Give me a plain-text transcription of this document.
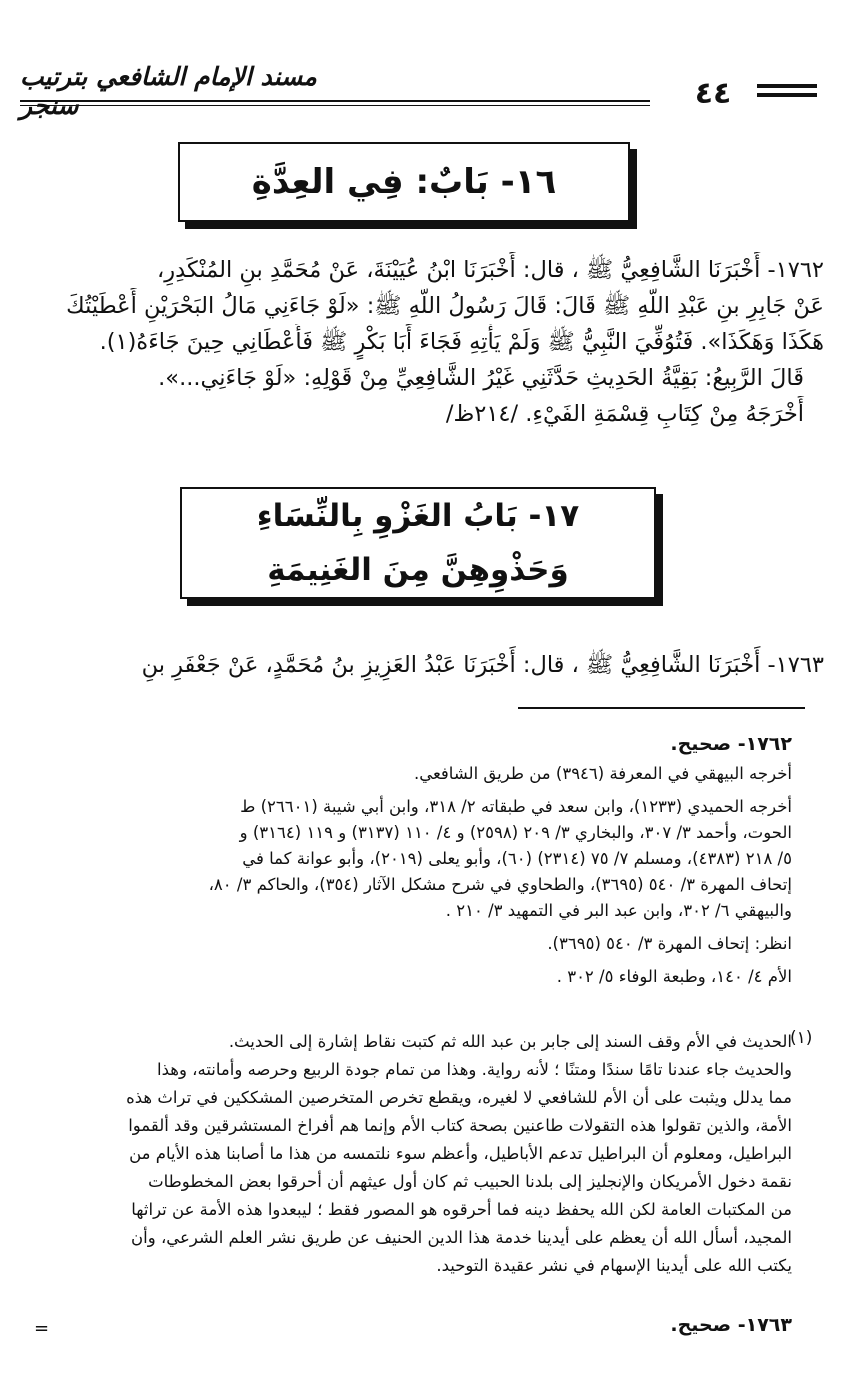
مسند الإمام الشافعي بترتيب سنجر	٤٤
١٦- بَابٌ: فِي العِدَّةِ

١٧٦٢- أَخْبَرَنَا الشَّافِعِيُّ ﷺ ، قال: أَخْبَرَنَا ابْنُ عُيَيْنَةَ، عَنْ مُحَمَّدِ بنِ المُنْكَدِرِ،

عَنْ جَابِرِ بنِ عَبْدِ اللَّهِ ﷺ قَالَ: قَالَ رَسُولُ اللَّهِ ﷺ: «لَوْ جَاءَنِي مَالُ البَحْرَيْنِ أَعْطَيْتُكَ

هَكَذَا وَهَكَذَا». فَتُوُفِّيَ النَّبِيُّ ﷺ وَلَمْ يَأْتِهِ فَجَاءَ أَبَا بَكْرٍ ﷺ فَأَعْطَانِي حِينَ جَاءَهُ(١).

قَالَ الرَّبِيعُ: بَقِيَّةُ الحَدِيثِ حَدَّثَنِي غَيْرُ الشَّافِعِيِّ مِنْ قَوْلِهِ: «لَوْ جَاءَنِي...».

أَخْرَجَهُ مِنْ كِتَابِ قِسْمَةِ الفَيْءِ. /٢١٤ظ/

١٧- بَابُ الغَزْوِ بِالنِّسَاءِ وَحَذْوِهِنَّ مِنَ الغَنِيمَةِ

١٧٦٣- أَخْبَرَنَا الشَّافِعِيُّ ﷺ ، قال: أَخْبَرَنَا عَبْدُ العَزِيزِ بنُ مُحَمَّدٍ، عَنْ جَعْفَرِ بنِ

١٧٦٢- صحيح.

أخرجه البيهقي في المعرفة (٣٩٤٦) من طريق الشافعي.

أخرجه الحميدي (١٢٣٣)، وابن سعد في طبقاته ٢/ ٣١٨، وابن أبي شيبة (٢٦٦٠١) ط

الحوت، وأحمد ٣/ ٣٠٧، والبخاري ٣/ ٢٠٩ (٢٥٩٨) و ٤/ ١١٠ (٣١٣٧) و ١١٩ (٣١٦٤) و

٥/ ٢١٨ (٤٣٨٣)، ومسلم ٧/ ٧٥ (٢٣١٤) (٦٠)، وأبو يعلى (٢٠١٩)، وأبو عوانة كما في

إتحاف المهرة ٣/ ٥٤٠ (٣٦٩٥)، والطحاوي في شرح مشكل الآثار (٣٥٤)، والحاكم ٣/ ٨٠،

والبيهقي ٦/ ٣٠٢، وابن عبد البر في التمهيد ٣/ ٢١٠ .

انظر: إتحاف المهرة ٣/ ٥٤٠ (٣٦٩٥).

الأم ٤/ ١٤٠، وطبعة الوفاء ٥/ ٣٠٢ .

(١)

الحديث في الأم وقف السند إلى جابر بن عبد الله ثم كتبت نقاط إشارة إلى الحديث.

والحديث جاء عندنا تامًا سندًا ومتنًا ؛ لأنه رواية. وهذا من تمام جودة الربيع وحرصه وأمانته، وهذا

مما يدلل ويثبت على أن الأم للشافعي لا لغيره، ويقطع تخرص المتخرصين المشككين في تراث هذه

الأمة، والذين تقولوا هذه التقولات طاعنين بصحة كتاب الأم وإنما هم أفراخ المستشرقين وقد ألقموا

البراطيل، ومعلوم أن البراطيل تدعم الأباطيل، وأعظم سوء نلتمسه من هذا ما أصابنا هذه الأيام من

نقمة دخول الأمريكان والإنجليز إلى بلدنا الحبيب ثم كان أول عيثهم أن أحرقوا بعض المخطوطات

من المكتبات العامة لكن الله يحفظ دينه فما أحرقوه هو المصور فقط ؛ ليبعدوا هذه الأمة عن تراثها

المجيد، أسأل الله أن يعظم على أيدينا خدمة هذا الدين الحنيف عن طريق نشر العلم الشرعي، وأن

يكتب الله على أيدينا الإسهام في نشر عقيدة التوحيد.

١٧٦٣- صحيح.
=
